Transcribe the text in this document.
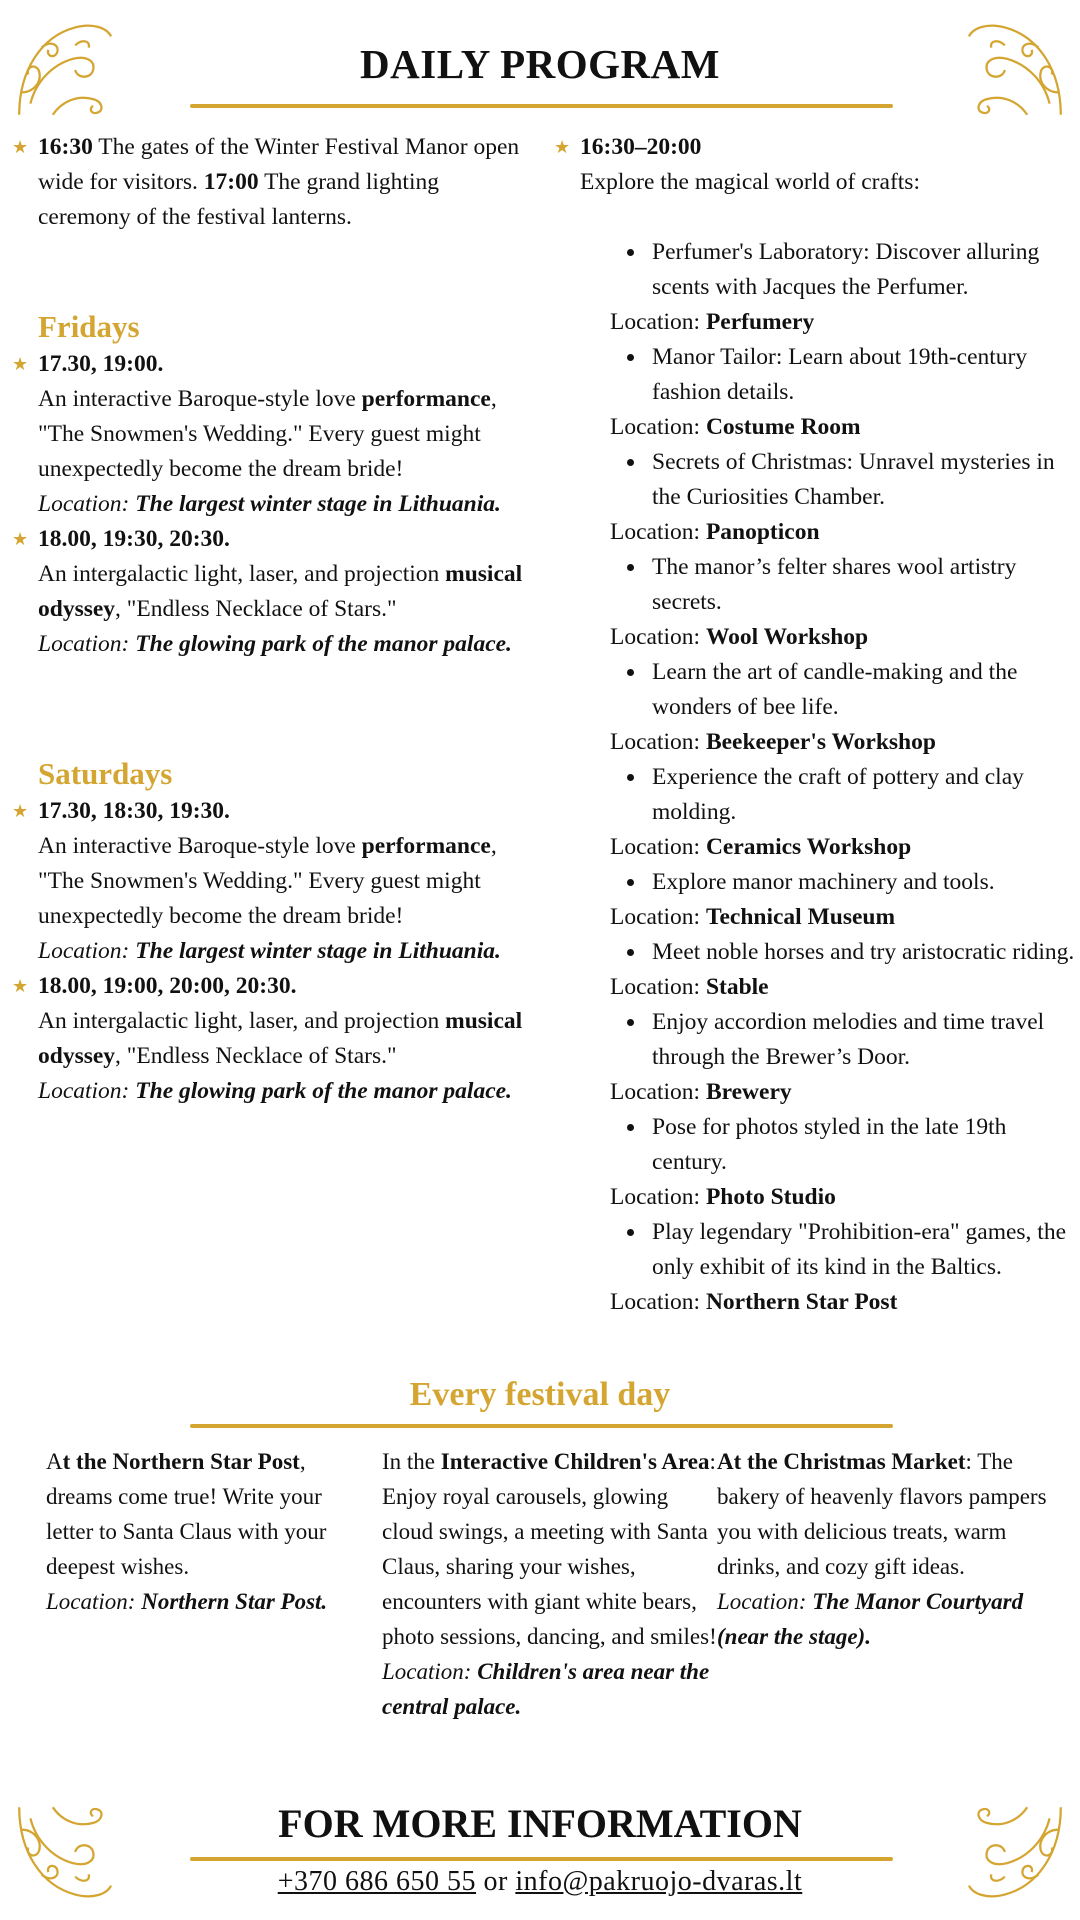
DAILY PROGRAM
★ 16:30 The gates of the Winter Festival Manor open wide for visitors. 17:00 The grand lighting ceremony of the festival lanterns.
Fridays
★ 17.30, 19:00.
An interactive Baroque-style love performance, "The Snowmen's Wedding." Every guest might unexpectedly become the dream bride!
Location: The largest winter stage in Lithuania.
★ 18.00, 19:30, 20:30.
An intergalactic light, laser, and projection musical odyssey, "Endless Necklace of Stars."
Location: The glowing park of the manor palace.
Saturdays
★ 17.30, 18:30, 19:30.
An interactive Baroque-style love performance, "The Snowmen's Wedding." Every guest might unexpectedly become the dream bride!
Location: The largest winter stage in Lithuania.
★ 18.00, 19:00, 20:00, 20:30.
An intergalactic light, laser, and projection musical odyssey, "Endless Necklace of Stars."
Location: The glowing park of the manor palace.
★ 16:30–20:00
Explore the magical world of crafts:
Perfumer's Laboratory: Discover alluring scents with Jacques the Perfumer.
Location: Perfumery
Manor Tailor: Learn about 19th-century fashion details.
Location: Costume Room
Secrets of Christmas: Unravel mysteries in the Curiosities Chamber.
Location: Panopticon
The manor’s felter shares wool artistry secrets.
Location: Wool Workshop
Learn the art of candle-making and the wonders of bee life.
Location: Beekeeper's Workshop
Experience the craft of pottery and clay molding.
Location: Ceramics Workshop
Explore manor machinery and tools.
Location: Technical Museum
Meet noble horses and try aristocratic riding.
Location: Stable
Enjoy accordion melodies and time travel through the Brewer’s Door.
Location: Brewery
Pose for photos styled in the late 19th century.
Location: Photo Studio
Play legendary "Prohibition-era" games, the only exhibit of its kind in the Baltics.
Location: Northern Star Post
Every festival day
At the Northern Star Post, dreams come true! Write your letter to Santa Claus with your deepest wishes.
Location: Northern Star Post.
In the Interactive Children's Area: Enjoy royal carousels, glowing cloud swings, a meeting with Santa Claus, sharing your wishes, encounters with giant white bears, photo sessions, dancing, and smiles!
Location: Children's area near the central palace.
At the Christmas Market: The bakery of heavenly flavors pampers you with delicious treats, warm drinks, and cozy gift ideas.
Location: The Manor Courtyard (near the stage).
FOR MORE INFORMATION
+370 686 650 55 or info@pakruojo-dvaras.lt
